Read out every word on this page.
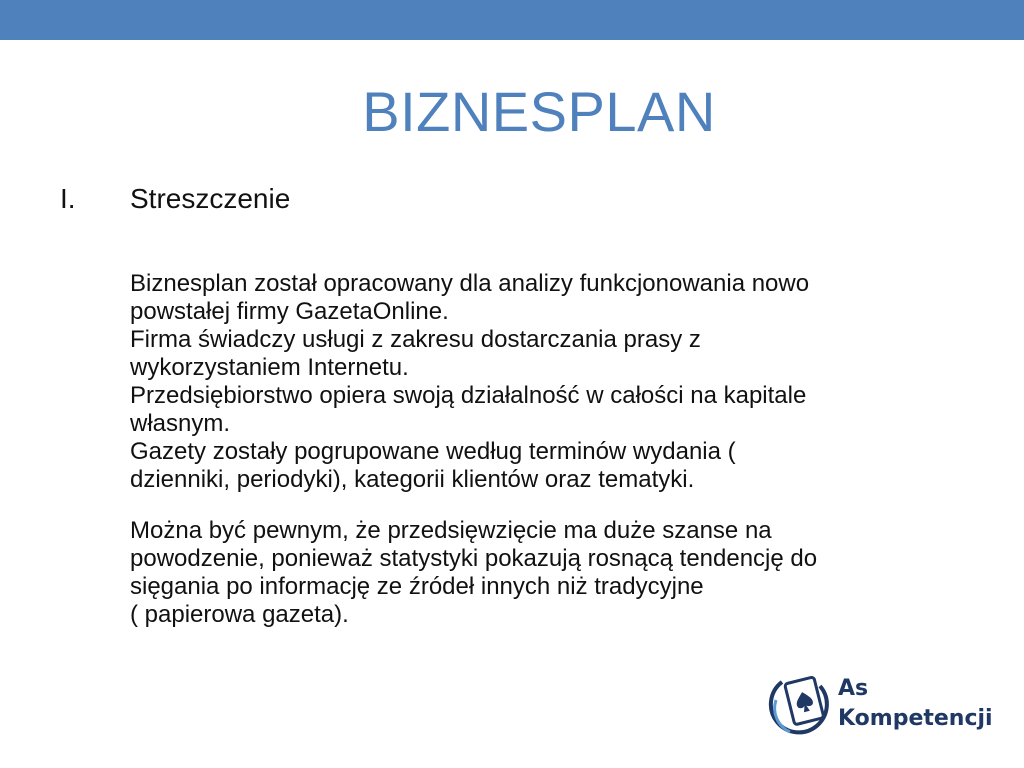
BIZNESPLAN
I. Streszczenie

Biznesplan został opracowany dla analizy funkcjonowania nowo

powstałej firmy GazetaOnline.

Firma świadczy usługi z zakresu dostarczania prasy z

wykorzystaniem Internetu.

Przedsiębiorstwo opiera swoją działalność w całości na kapitale

własnym.

Gazety zostały pogrupowane według terminów wydania (

dzienniki, periodyki), kategorii klientów oraz tematyki.

Można być pewnym, że przedsięwzięcie ma duże szanse na

powodzenie, ponieważ statystyki pokazują rosnącą tendencję do

sięgania po informację ze źródeł innych niż tradycyjne

( papierowa gazeta).

As
Kompetencji
